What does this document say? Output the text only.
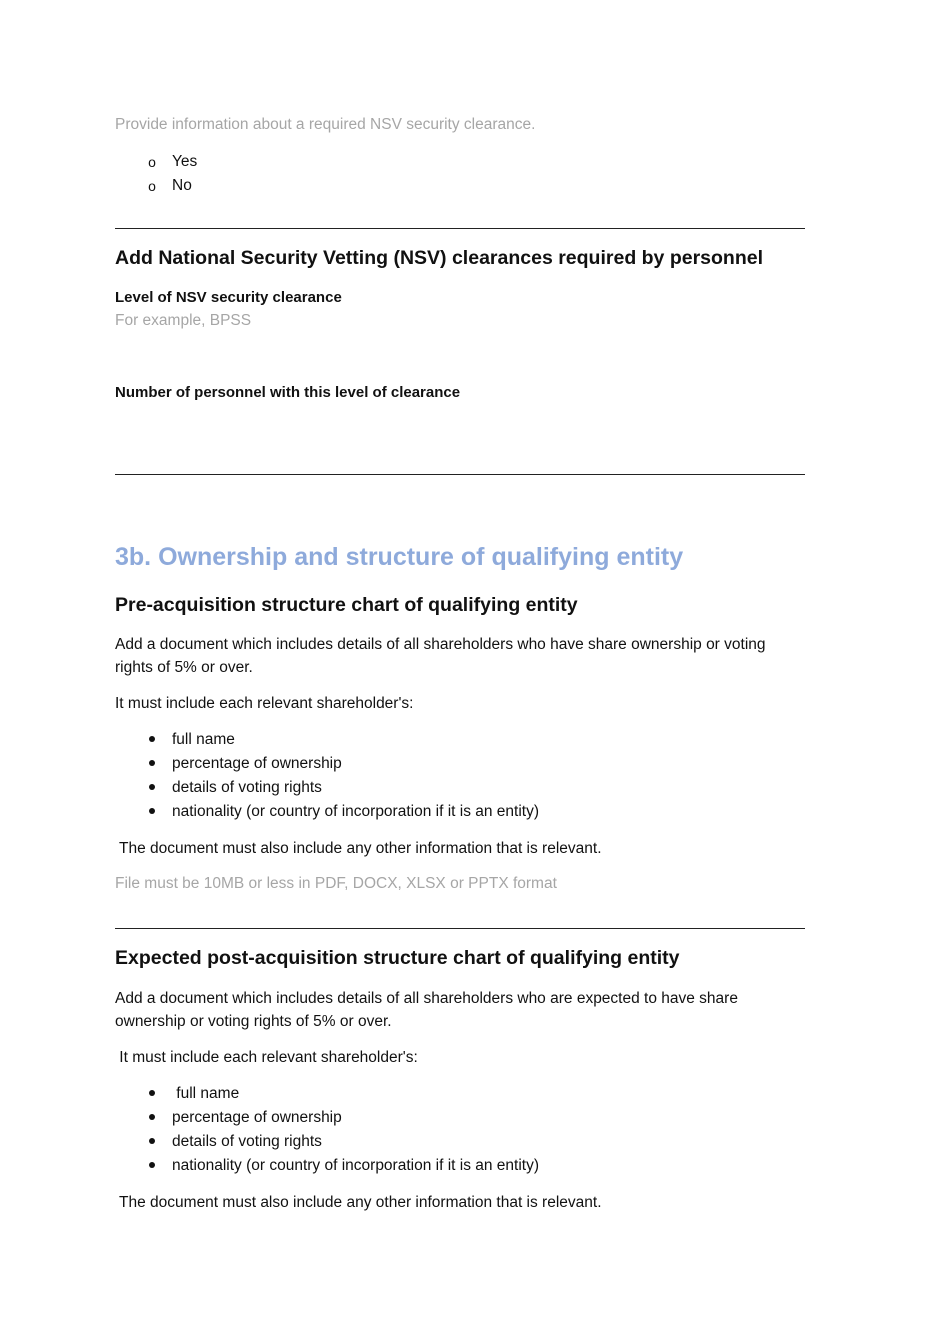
Provide information about a required NSV security clearance.
o Yes
o No
Add National Security Vetting (NSV) clearances required by personnel
Level of NSV security clearance
For example, BPSS
Number of personnel with this level of clearance
3b. Ownership and structure of qualifying entity
Pre-acquisition structure chart of qualifying entity
Add a document which includes details of all shareholders who have share ownership or voting rights of 5% or over.
It must include each relevant shareholder's:
full name
percentage of ownership
details of voting rights
nationality (or country of incorporation if it is an entity)
The document must also include any other information that is relevant.
File must be 10MB or less in PDF, DOCX, XLSX or PPTX format
Expected post-acquisition structure chart of qualifying entity
Add a document which includes details of all shareholders who are expected to have share ownership or voting rights of 5% or over.
It must include each relevant shareholder's:
full name
percentage of ownership
details of voting rights
nationality (or country of incorporation if it is an entity)
The document must also include any other information that is relevant.
